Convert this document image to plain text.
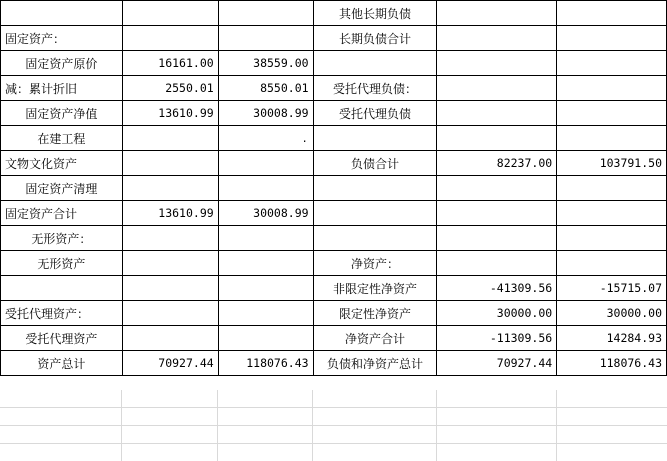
			其他长期负债		
固定资产：			长期负债合计		
固定资产原价	16161.00	38559.00			
减：累计折旧	2550.01	8550.01	受托代理负债：		
固定资产净值	13610.99	30008.99	受托代理负债		
在建工程		.			
文物文化资产			负债合计	82237.00	103791.50
固定资产清理					
固定资产合计	13610.99	30008.99			
无形资产：					
无形资产			净资产：		
			非限定性净资产	-41309.56	-15715.07
受托代理资产：			限定性净资产	30000.00	30000.00
受托代理资产			净资产合计	-11309.56	14284.93
资产总计	70927.44	118076.43	负债和净资产总计	70927.44	118076.43
